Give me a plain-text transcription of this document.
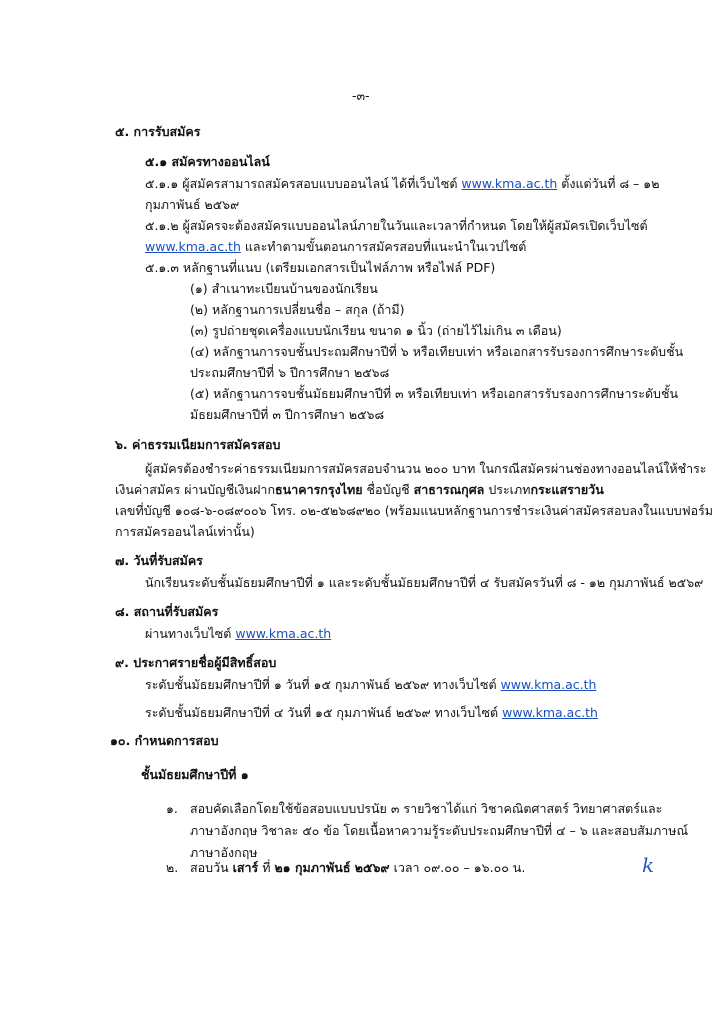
-๓-

๕. การรับสมัคร

๕.๑ สมัครทางออนไลน์

๕.๑.๑ ผู้สมัครสามารถสมัครสอบแบบออนไลน์ ได้ที่เว็บไซต์ www.kma.ac.th ตั้งแต่วันที่ ๘ – ๑๒

กุมภาพันธ์ ๒๕๖๙

๕.๑.๒ ผู้สมัครจะต้องสมัครแบบออนไลน์ภายในวันและเวลาที่กำหนด โดยให้ผู้สมัครเปิดเว็บไซต์

www.kma.ac.th และทำตามขั้นตอนการสมัครสอบที่แนะนำในเวปไซต์

๕.๑.๓ หลักฐานที่แนบ (เตรียมเอกสารเป็นไฟล์ภาพ หรือไฟล์ PDF)

(๑) สำเนาทะเบียนบ้านของนักเรียน

(๒) หลักฐานการเปลี่ยนชื่อ – สกุล (ถ้ามี)

(๓) รูปถ่ายชุดเครื่องแบบนักเรียน ขนาด ๑ นิ้ว (ถ่ายไว้ไม่เกิน ๓ เดือน)

(๔) หลักฐานการจบชั้นประถมศึกษาปีที่ ๖ หรือเทียบเท่า หรือเอกสารรับรองการศึกษาระดับชั้น

ประถมศึกษาปีที่ ๖ ปีการศึกษา ๒๕๖๘

(๕) หลักฐานการจบชั้นมัธยมศึกษาปีที่ ๓ หรือเทียบเท่า หรือเอกสารรับรองการศึกษาระดับชั้น

มัธยมศึกษาปีที่ ๓ ปีการศึกษา ๒๕๖๘

๖. ค่าธรรมเนียมการสมัครสอบ

ผู้สมัครต้องชำระค่าธรรมเนียมการสมัครสอบจำนวน ๒๐๐ บาท ในกรณีสมัครผ่านช่องทางออนไลน์ให้ชำระ

เงินค่าสมัคร ผ่านบัญชีเงินฝากธนาคารกรุงไทย ชื่อบัญชี สาธารณกุศล ประเภทกระแสรายวัน

เลขที่บัญชี ๑๐๘-๖-๐๘๙๐๐๖ โทร. ๐๒-๕๒๖๘๙๒๐ (พร้อมแนบหลักฐานการชำระเงินค่าสมัครสอบลงในแบบฟอร์ม

การสมัครออนไลน์เท่านั้น)

๗. วันที่รับสมัคร

นักเรียนระดับชั้นมัธยมศึกษาปีที่ ๑ และระดับชั้นมัธยมศึกษาปีที่ ๔ รับสมัครวันที่ ๘ - ๑๒ กุมภาพันธ์ ๒๕๖๙

๘. สถานที่รับสมัคร

ผ่านทางเว็บไซต์ www.kma.ac.th

๙. ประกาศรายชื่อผู้มีสิทธิ์สอบ

ระดับชั้นมัธยมศึกษาปีที่ ๑ วันที่ ๑๕ กุมภาพันธ์ ๒๕๖๙ ทางเว็บไซต์ www.kma.ac.th

ระดับชั้นมัธยมศึกษาปีที่ ๔ วันที่ ๑๕ กุมภาพันธ์ ๒๕๖๙ ทางเว็บไซต์ www.kma.ac.th

๑๐. กำหนดการสอบ

ชั้นมัธยมศึกษาปีที่ ๑

๑. สอบคัดเลือกโดยใช้ข้อสอบแบบปรนัย ๓ รายวิชาได้แก่ วิชาคณิตศาสตร์ วิทยาศาสตร์และ

ภาษาอังกฤษ วิชาละ ๕๐ ข้อ โดยเนื้อหาความรู้ระดับประถมศึกษาปีที่ ๔ – ๖ และสอบสัมภาษณ์

ภาษาอังกฤษ

๒. สอบวัน เสาร์ ที่ ๒๑ กุมภาพันธ์ ๒๕๖๙ เวลา ๐๙.๐๐ – ๑๖.๐๐ น.	k
